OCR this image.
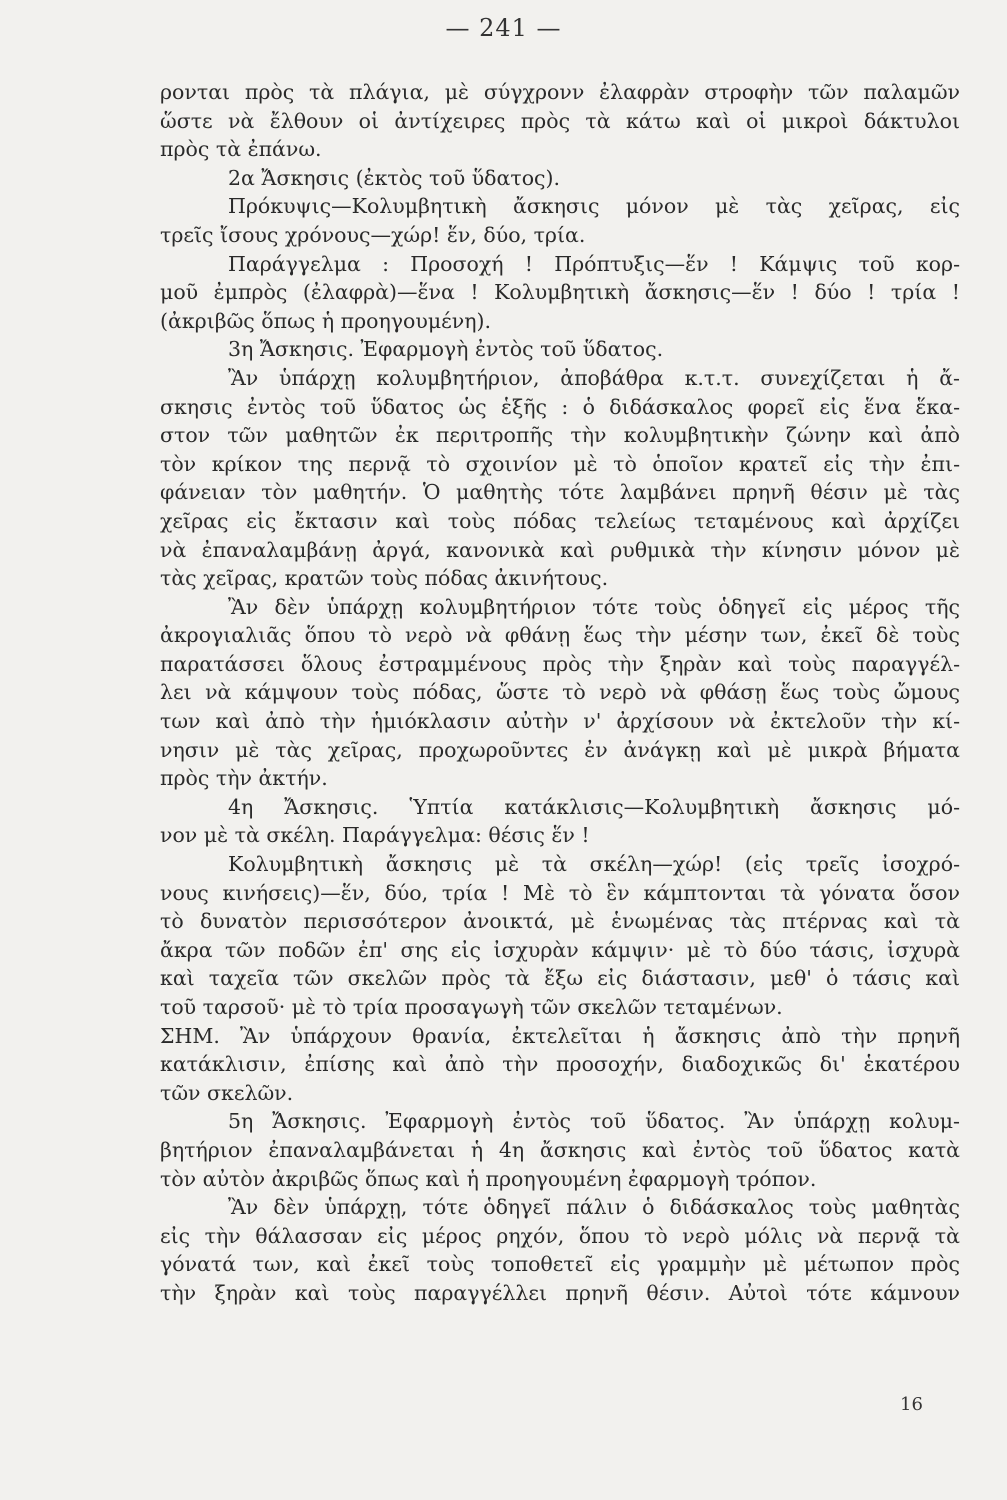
— 241 —
ρονται πρὸς τὰ πλάγια, μὲ σύγχρονν ἐλαφρὰν στροφὴν τῶν παλαμῶν
ὥστε νὰ ἔλθουν οἱ ἀντίχειρες πρὸς τὰ κάτω καὶ οἱ μικροὶ δάκτυλοι
πρὸς τὰ ἐπάνω.
2α Ἄσκησις (ἐκτὸς τοῦ ὕδατος).
Πρόκυψις—Κολυμβητικὴ ἄσκησις μόνον μὲ τὰς χεῖρας, εἰς
τρεῖς ἴσους χρόνους—χώρ! ἕν, δύο, τρία.
Παράγγελμα : Προσοχή ! Πρόπτυξις—ἕν ! Κάμψις τοῦ κορ-
μοῦ ἐμπρὸς (ἐλαφρὰ)—ἕνα ! Κολυμβητικὴ ἄσκησις—ἕν ! δύο ! τρία !
(ἀκριβῶς ὅπως ἡ προηγουμένη).
3η Ἄσκησις. Ἐφαρμογὴ ἐντὸς τοῦ ὕδατος.
Ἂν ὑπάρχῃ κολυμβητήριον, ἀποβάθρα κ.τ.τ. συνεχίζεται ἡ ἄ-
σκησις ἐντὸς τοῦ ὕδατος ὡς ἑξῆς : ὁ διδάσκαλος φορεῖ εἰς ἕνα ἕκα-
στον τῶν μαθητῶν ἐκ περιτροπῆς τὴν κολυμβητικὴν ζώνην καὶ ἀπὸ
τὸν κρίκον της περνᾷ τὸ σχοινίον μὲ τὸ ὁποῖον κρατεῖ εἰς τὴν ἐπι-
φάνειαν τὸν μαθητήν. Ὁ μαθητὴς τότε λαμβάνει πρηνῆ θέσιν μὲ τὰς
χεῖρας εἰς ἔκτασιν καὶ τοὺς πόδας τελείως τεταμένους καὶ ἀρχίζει
νὰ ἐπαναλαμβάνῃ ἀργά, κανονικὰ καὶ ρυθμικὰ τὴν κίνησιν μόνον μὲ
τὰς χεῖρας, κρατῶν τοὺς πόδας ἀκινήτους.
Ἂν δὲν ὑπάρχῃ κολυμβητήριον τότε τοὺς ὁδηγεῖ εἰς μέρος τῆς
ἀκρογιαλιᾶς ὅπου τὸ νερὸ νὰ φθάνῃ ἕως τὴν μέσην των, ἐκεῖ δὲ τοὺς
παρατάσσει ὅλους ἐστραμμένους πρὸς τὴν ξηρὰν καὶ τοὺς παραγγέλ-
λει νὰ κάμψουν τοὺς πόδας, ὥστε τὸ νερὸ νὰ φθάσῃ ἕως τοὺς ὤμους
των καὶ ἀπὸ τὴν ἡμιόκλασιν αὐτὴν ν' ἀρχίσουν νὰ ἐκτελοῦν τὴν κί-
νησιν μὲ τὰς χεῖρας, προχωροῦντες ἐν ἀνάγκῃ καὶ μὲ μικρὰ βήματα
πρὸς τὴν ἀκτήν.
4η Ἄσκησις. Ὑπτία κατάκλισις—Κολυμβητικὴ ἄσκησις μό-
νον μὲ τὰ σκέλη. Παράγγελμα: θέσις ἕν !
Κολυμβητικὴ ἄσκησις μὲ τὰ σκέλη—χώρ! (εἰς τρεῖς ἰσοχρό-
νους κινήσεις)—ἕν, δύο, τρία ! Μὲ τὸ ἓν κάμπτονται τὰ γόνατα ὅσον
τὸ δυνατὸν περισσότερον ἀνοικτά, μὲ ἑνωμένας τὰς πτέρνας καὶ τὰ
ἄκρα τῶν ποδῶν ἐπ' σης εἰς ἰσχυρὰν κάμψιν· μὲ τὸ δύο τάσις, ἰσχυρὰ
καὶ ταχεῖα τῶν σκελῶν πρὸς τὰ ἔξω εἰς διάστασιν, μεθ' ὁ τάσις καὶ
τοῦ ταρσοῦ· μὲ τὸ τρία προσαγωγὴ τῶν σκελῶν τεταμένων.
ΣΗΜ. Ἂν ὑπάρχουν θρανία, ἐκτελεῖται ἡ ἄσκησις ἀπὸ τὴν πρηνῆ
κατάκλισιν, ἐπίσης καὶ ἀπὸ τὴν προσοχήν, διαδοχικῶς δι' ἑκατέρου
τῶν σκελῶν.
5η Ἄσκησις. Ἐφαρμογὴ ἐντὸς τοῦ ὕδατος. Ἂν ὑπάρχῃ κολυμ-
βητήριον ἐπαναλαμβάνεται ἡ 4η ἄσκησις καὶ ἐντὸς τοῦ ὕδατος κατὰ
τὸν αὐτὸν ἀκριβῶς ὅπως καὶ ἡ προηγουμένη ἐφαρμογὴ τρόπον.
Ἂν δὲν ὑπάρχῃ, τότε ὁδηγεῖ πάλιν ὁ διδάσκαλος τοὺς μαθητὰς
εἰς τὴν θάλασσαν εἰς μέρος ρηχόν, ὅπου τὸ νερὸ μόλις νὰ περνᾷ τὰ
γόνατά των, καὶ ἐκεῖ τοὺς τοποθετεῖ εἰς γραμμὴν μὲ μέτωπον πρὸς
τὴν ξηρὰν καὶ τοὺς παραγγέλλει πρηνῆ θέσιν. Αὐτοὶ τότε κάμνουν
16
